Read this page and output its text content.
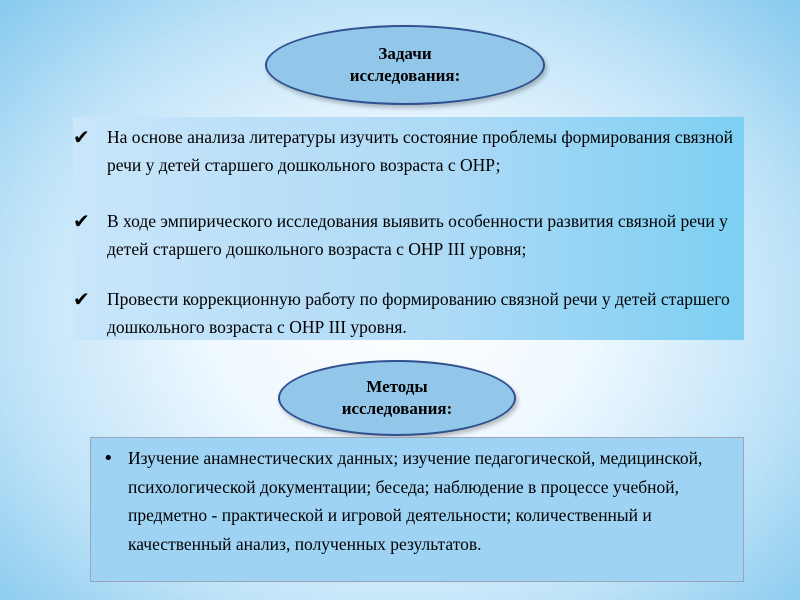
Задачи
исследования:
✔ На основе анализа литературы изучить состояние проблемы формирования связной речи у детей старшего дошкольного возраста с ОНР;
✔ В ходе эмпирического исследования выявить особенности развития связной речи у детей старшего дошкольного возраста с ОНР III уровня;
✔ Провести коррекционную работу по формированию связной речи у детей старшего дошкольного возраста с ОНР III уровня.
Методы
исследования:
• Изучение анамнестических данных; изучение педагогической, медицинской, психологической документации; беседа; наблюдение в процессе учебной, предметно - практической и игровой деятельности; количественный и качественный анализ, полученных результатов.
